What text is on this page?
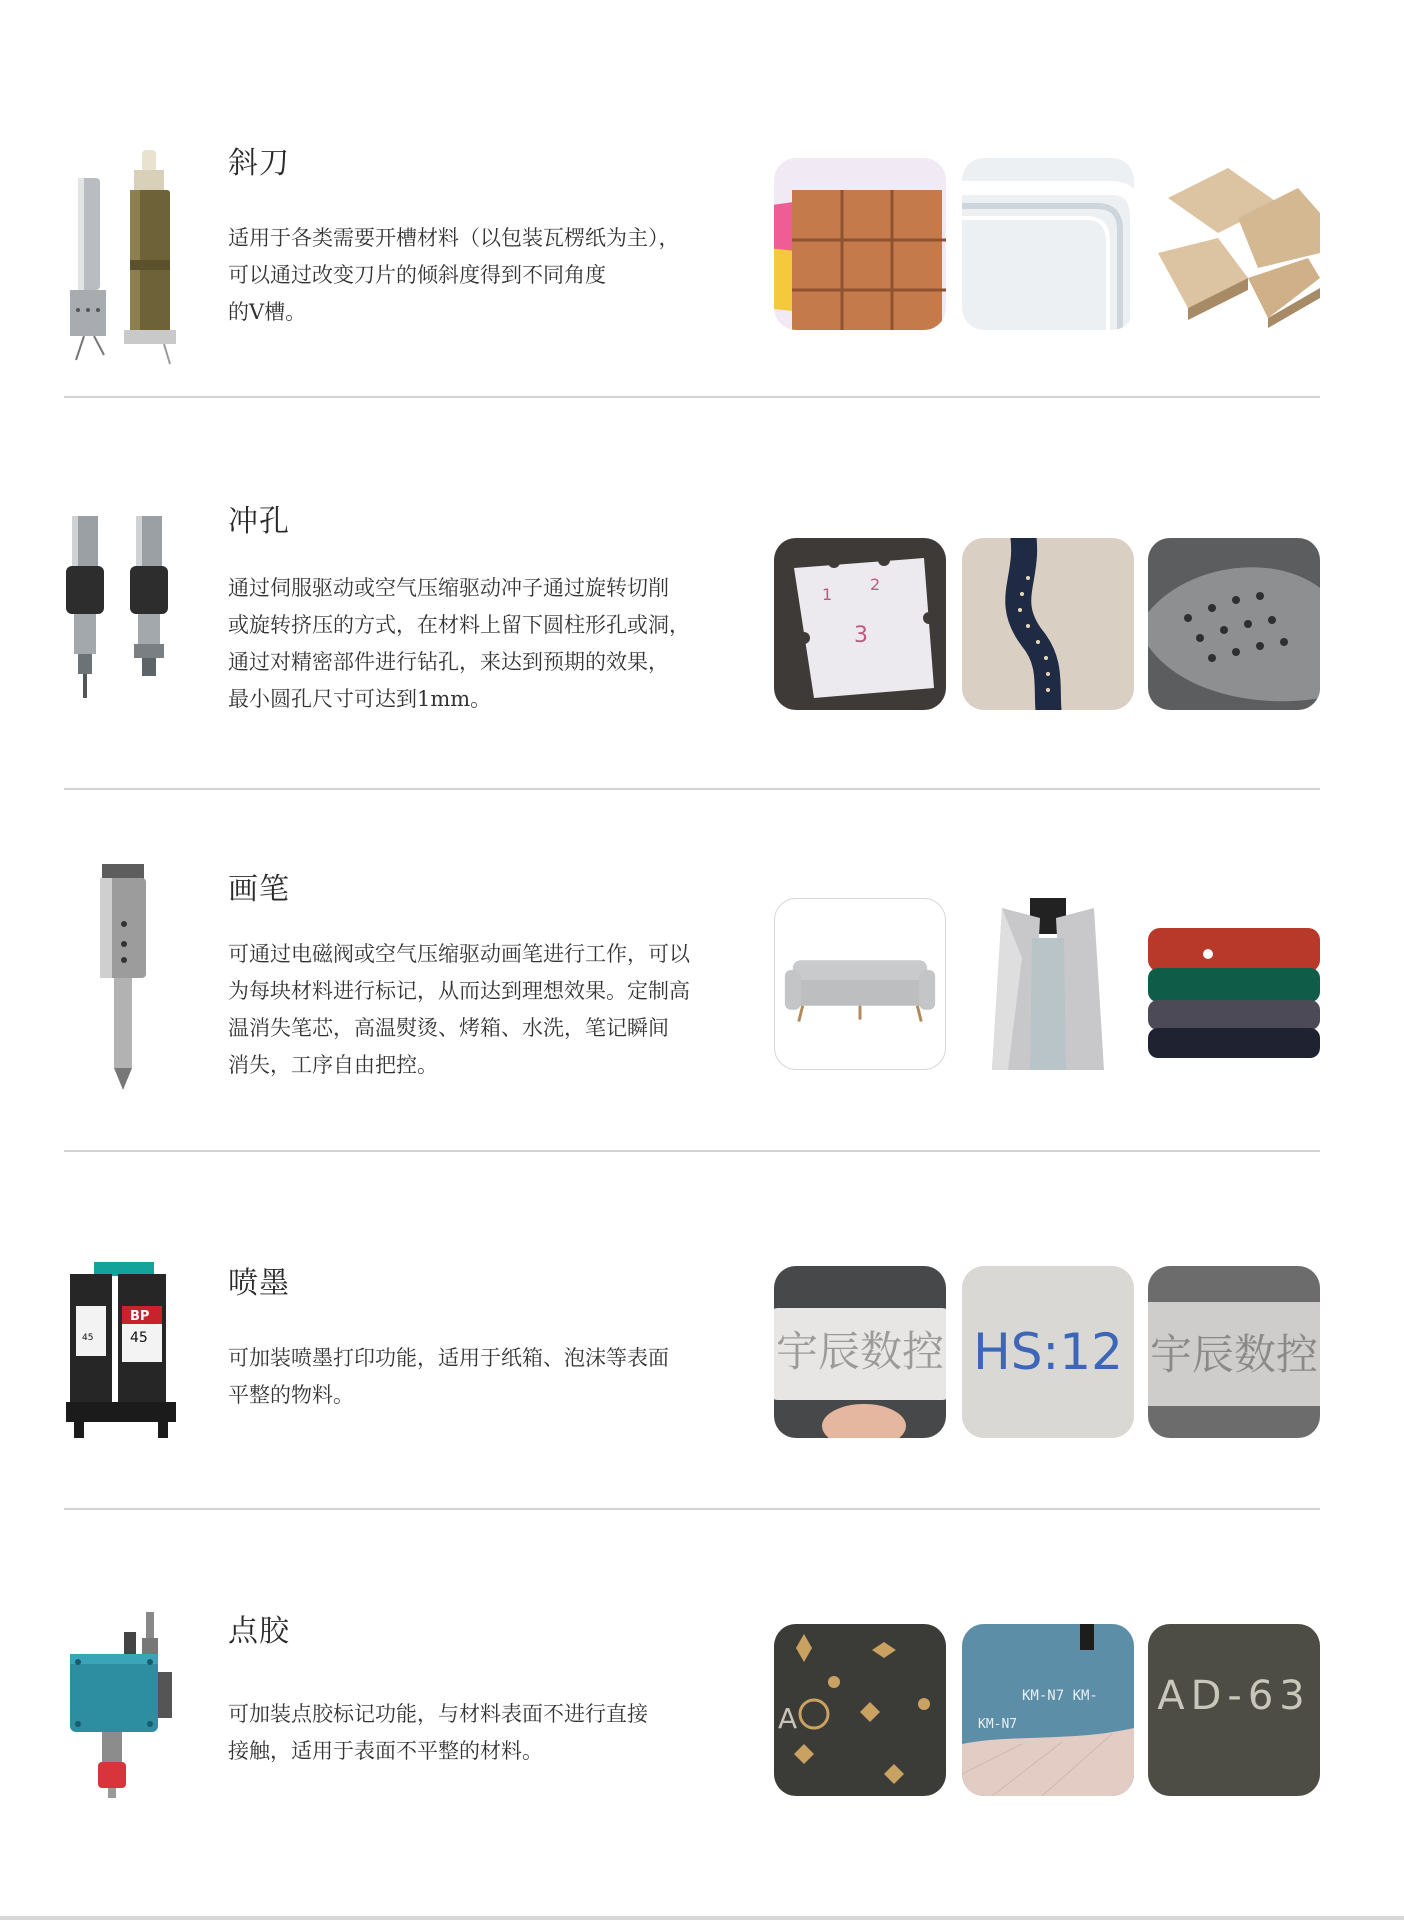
斜刀
适用于各类需要开槽材料（以包装瓦楞纸为主），
可以通过改变刀片的倾斜度得到不同角度
的V槽。
冲孔
通过伺服驱动或空气压缩驱动冲子通过旋转切削
或旋转挤压的方式，在材料上留下圆柱形孔或洞，
通过对精密部件进行钻孔，来达到预期的效果，
最小圆孔尺寸可达到1mm。
1
2
3
画笔
可通过电磁阀或空气压缩驱动画笔进行工作，可以
为每块材料进行标记，从而达到理想效果。定制高
温消失笔芯，高温熨烫、烤箱、水洗，笔记瞬间
消失，工序自由把控。
BP
45
45
喷墨
可加装喷墨打印功能，适用于纸箱、泡沫等表面
平整的物料。
宇辰数控 HS:12 宇辰数控
点胶
可加装点胶标记功能，与材料表面不进行直接
接触，适用于表面不平整的材料。
A
KM-N7 KM-
KM-N7
AD-63
